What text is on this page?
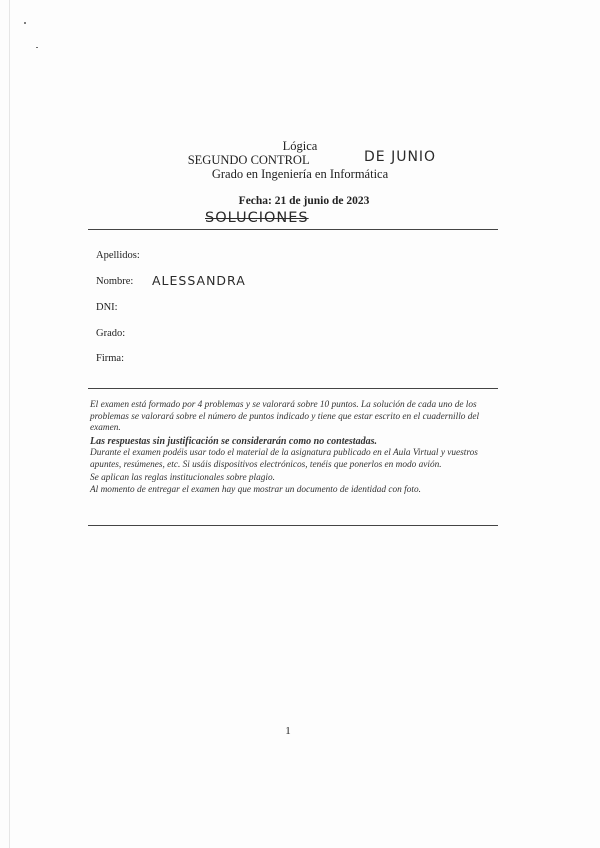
Lógica
SEGUNDO CONTROL	DE JUNIO
Grado en Ingeniería en Informática
Fecha: 21 de junio de 2023
SOLUCIONES
Apellidos:
Nombre: ALESSANDRA
DNI:
Grado:
Firma:

El examen está formado por 4 problemas y se valorará sobre 10 puntos. La solución de cada uno de los problemas se valorará sobre el número de puntos indicado y tiene que estar escrito en el cuadernillo del examen.

Las respuestas sin justificación se considerarán como no contestadas.

Durante el examen podéis usar todo el material de la asignatura publicado en el Aula Virtual y vuestros apuntes, resúmenes, etc. Si usáis dispositivos electrónicos, tenéis que ponerlos en modo avión.

Se aplican las reglas institucionales sobre plagio.

Al momento de entregar el examen hay que mostrar un documento de identidad con foto.

1
